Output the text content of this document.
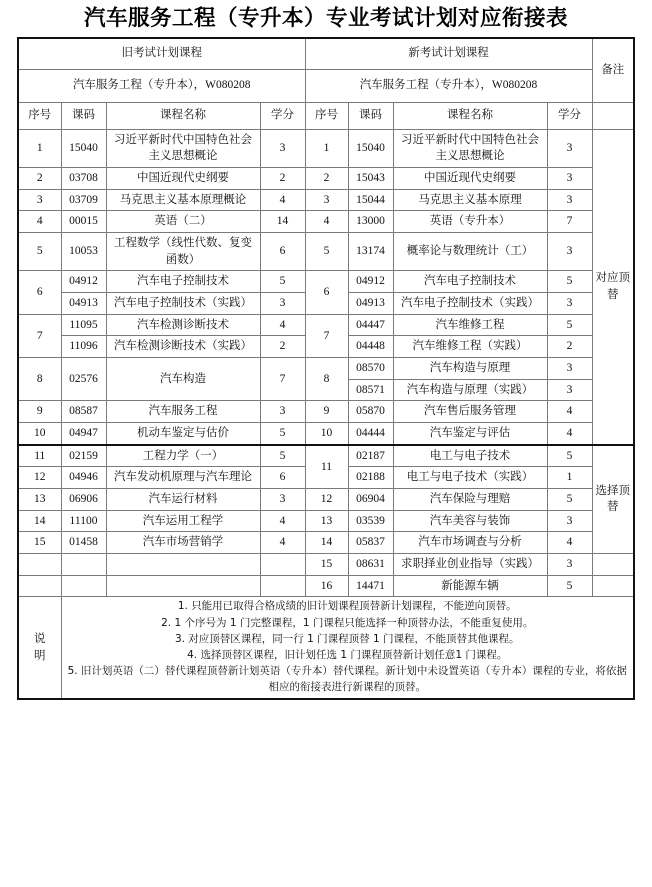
汽车服务工程（专升本）专业考试计划对应衔接表
旧考试计划课程				新考试计划课程				备注
汽车服务工程（专升本），W080208				汽车服务工程（专升本），W080208				
序号	课码	课程名称	学分	序号	课码	课程名称	学分	
1	15040	习近平新时代中国特色社会主义思想概论	3	1	15040	习近平新时代中国特色社会主义思想概论	3	对应顶替
2	03708	中国近现代史纲要	2	2	15043	中国近现代史纲要	3	
3	03709	马克思主义基本原理概论	4	3	15044	马克思主义基本原理	3	
4	00015	英语（二）	14	4	13000	英语（专升本）	7	
5	10053	工程数学（线性代数、复变函数）	6	5	13174	概率论与数理统计（工）	3	
6	04912	汽车电子控制技术	5	6	04912	汽车电子控制技术	5	
	04913	汽车电子控制技术（实践）	3		04913	汽车电子控制技术（实践）	3	
7	11095	汽车检测诊断技术	4	7	04447	汽车维修工程	5	
	11096	汽车检测诊断技术（实践）	2		04448	汽车维修工程（实践）	2	
8	02576	汽车构造	7	8	08570	汽车构造与原理	3	
					08571	汽车构造与原理（实践）	3	
9	08587	汽车服务工程	3	9	05870	汽车售后服务管理	4	
10	04947	机动车鉴定与估价	5	10	04444	汽车鉴定与评估	4	
11	02159	工程力学（一）	5	11	02187	电工与电子技术	5	选择顶替
12	04946	汽车发动机原理与汽车理论	6		02188	电工与电子技术（实践）	1	
13	06906	汽车运行材料	3	12	06904	汽车保险与理赔	5	
14	11100	汽车运用工程学	4	13	03539	汽车美容与装饰	3	
15	01458	汽车市场营销学	4	14	05837	汽车市场调查与分析	4	
				15	08631	求职择业创业指导（实践）	3	
				16	14471	新能源车辆	5	

说
明

1. 只能用已取得合格成绩的旧计划课程顶替新计划课程，不能逆向顶替。

2. 1 个序号为 1 门完整课程，1 门课程只能选择一种顶替办法，不能重复使用。

3. 对应顶替区课程，同一行 1 门课程顶替 1 门课程，不能顶替其他课程。

4. 选择顶替区课程，旧计划任选 1 门课程顶替新计划任意1 门课程。

5. 旧计划英语（二）替代课程顶替新计划英语（专升本）替代课程。新计划中未设置英语（专升本）课程的专业，将依据相应的衔接表进行新课程的顶替。
